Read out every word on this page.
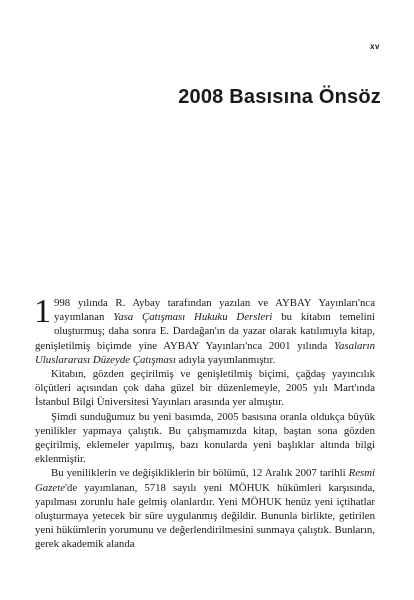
xv
2008 Basısına Önsöz

1 998 yılında R. Aybay tarafından yazılan ve AYBAY Yayınları'nca yayımlanan Yasa Çatışması Hukuku Dersleri bu kitabın temelini oluşturmuş; daha sonra E. Dardağan'ın da yazar olarak katılımıyla kitap, genişletilmiş biçimde yine AYBAY Yayınları'nca 2001 yılında Yasaların Uluslararası Düzeyde Çatışması adıyla yayımlanmıştır.

Kitabın, gözden geçirilmiş ve genişletilmiş biçimi, çağdaş yayıncılık ölçütleri açısından çok daha güzel bir düzenlemeyle, 2005 yılı Mart'ında İstanbul Bilgi Üniversitesi Yayınları arasında yer almıştır.

Şimdi sunduğumuz bu yeni basımda, 2005 basısına oranla oldukça büyük yenilikler yapmaya çalıştık. Bu çalışmamızda kitap, baştan sona gözden geçirilmiş, eklemeler yapılmış, bazı konularda yeni başlıklar altında bilgi eklenmiştir.

Bu yeniliklerin ve değişikliklerin bir bölümü, 12 Aralık 2007 tarihli Resmi Gazete'de yayımlanan, 5718 sayılı yeni MÖHUK hükümleri karşısında, yapılması zorunlu hale gelmiş olanlardır. Yeni MÖHUK henüz yeni içtihatlar oluşturmaya yetecek bir süre uygulanmış değildir. Bununla birlikte, getirilen yeni hükümlerin yorumunu ve değerlendirilmesini sunmaya çalıştık. Bunların, gerek akademik alanda
